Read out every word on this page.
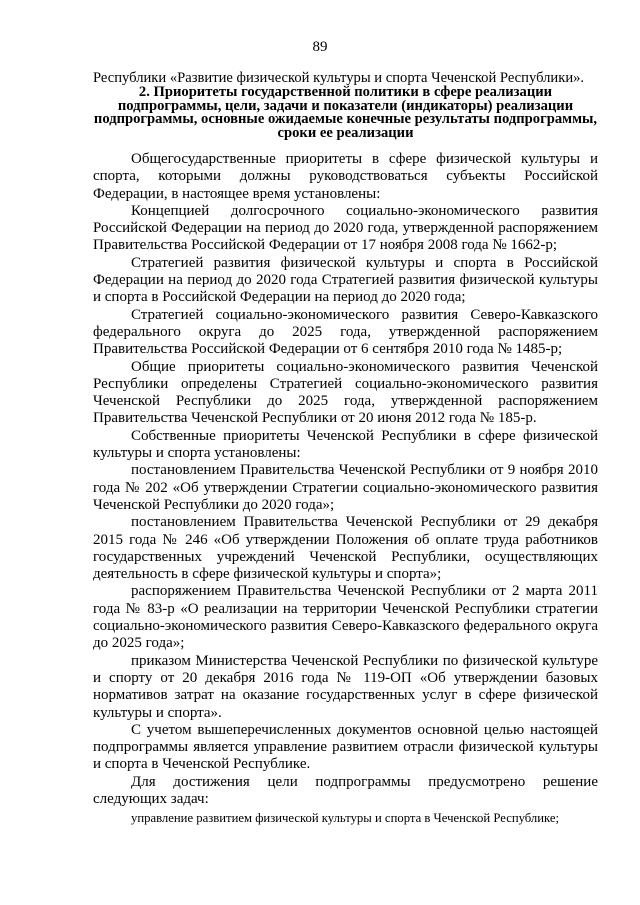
89
Республики «Развитие физической культуры и спорта Чеченской Республики».
2. Приоритеты государственной политики в сфере реализации подпрограммы, цели, задачи и показатели (индикаторы) реализации подпрограммы, основные ожидаемые конечные результаты подпрограммы, сроки ее реализации

Общегосударственные приоритеты в сфере физической культуры и спорта, которыми должны руководствоваться субъекты Российской Федерации, в настоящее время установлены:

Концепцией долгосрочного социально-экономического развития Российской Федерации на период до 2020 года, утвержденной распоряжением Правительства Российской Федерации от 17 ноября 2008 года № 1662-р;

Стратегией развития физической культуры и спорта в Российской Федерации на период до 2020 года Стратегией развития физической культуры и спорта в Российской Федерации на период до 2020 года;

Стратегией социально-экономического развития Северо-Кавказского федерального округа до 2025 года, утвержденной распоряжением Правительства Российской Федерации от 6 сентября 2010 года № 1485-р;

Общие приоритеты социально-экономического развития Чеченской Республики определены Стратегией социально-экономического развития Чеченской Республики до 2025 года, утвержденной распоряжением Правительства Чеченской Республики от 20 июня 2012 года № 185-р.

Собственные приоритеты Чеченской Республики в сфере физической культуры и спорта установлены:

постановлением Правительства Чеченской Республики от 9 ноября 2010 года № 202 «Об утверждении Стратегии социально-экономического развития Чеченской Республики до 2020 года»;

постановлением Правительства Чеченской Республики от 29 декабря 2015 года № 246 «Об утверждении Положения об оплате труда работников государственных учреждений Чеченской Республики, осуществляющих деятельность в сфере физической культуры и спорта»;

распоряжением Правительства Чеченской Республики от 2 марта 2011 года № 83-р «О реализации на территории Чеченской Республики стратегии социально-экономического развития Северо-Кавказского федерального округа до 2025 года»;

приказом Министерства Чеченской Республики по физической культуре и спорту от 20 декабря 2016 года № 119-ОП «Об утверждении базовых нормативов затрат на оказание государственных услуг в сфере физической культуры и спорта».

С учетом вышеперечисленных документов основной целью настоящей подпрограммы является управление развитием отрасли физической культуры и спорта в Чеченской Республике.

Для достижения цели подпрограммы предусмотрено решение следующих задач:

управление развитием физической культуры и спорта в Чеченской Республике;
